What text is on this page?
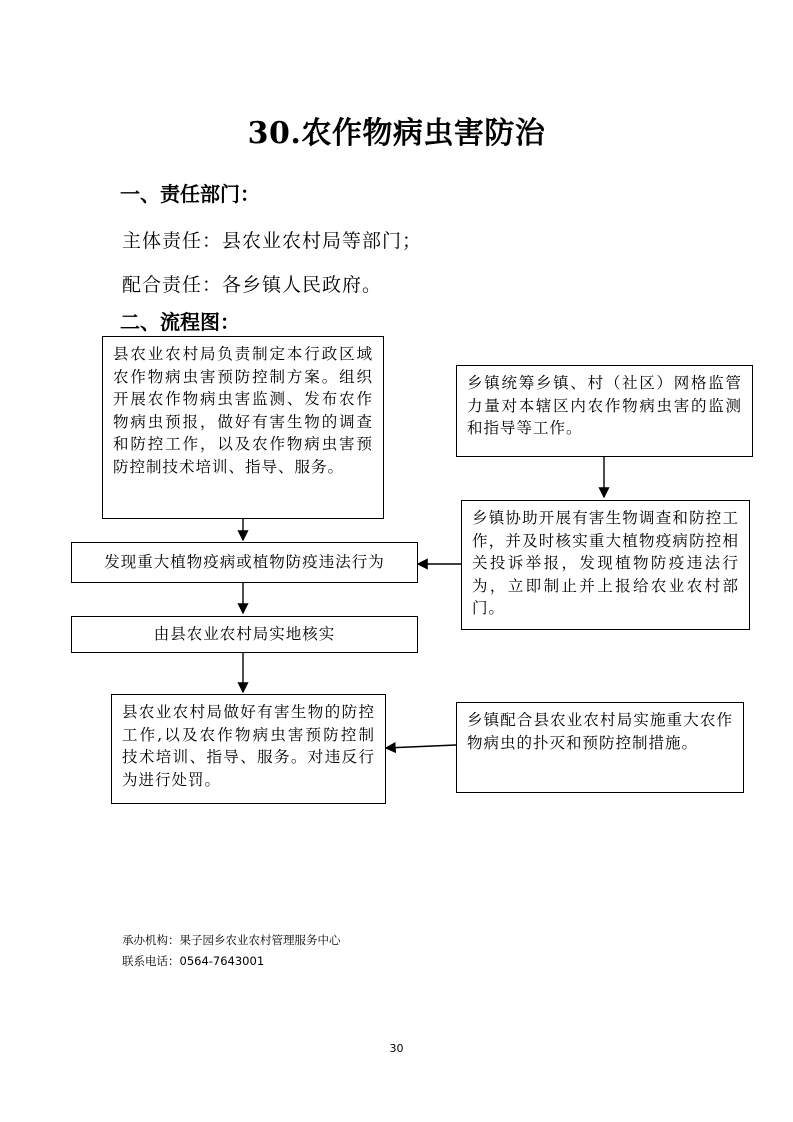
30.农作物病虫害防治
一、责任部门：
主体责任：县农业农村局等部门；
配合责任：各乡镇人民政府。
二、流程图：
县农业农村局负责制定本行政区域农作物病虫害预防控制方案。组织开展农作物病虫害监测、发布农作物病虫预报，做好有害生物的调查和防控工作，以及农作物病虫害预防控制技术培训、指导、服务。
乡镇统筹乡镇、村（社区）网格监管力量对本辖区内农作物病虫害的监测和指导等工作。
发现重大植物疫病或植物防疫违法行为
乡镇协助开展有害生物调查和防控工作，并及时核实重大植物疫病防控相关投诉举报，发现植物防疫违法行为，立即制止并上报给农业农村部门。
由县农业农村局实地核实
县农业农村局做好有害生物的防控工作,以及农作物病虫害预防控制技术培训、指导、服务。对违反行为进行处罚。
乡镇配合县农业农村局实施重大农作物病虫的扑灭和预防控制措施。
承办机构：果子园乡农业农村管理服务中心
联系电话：0564-7643001
30
